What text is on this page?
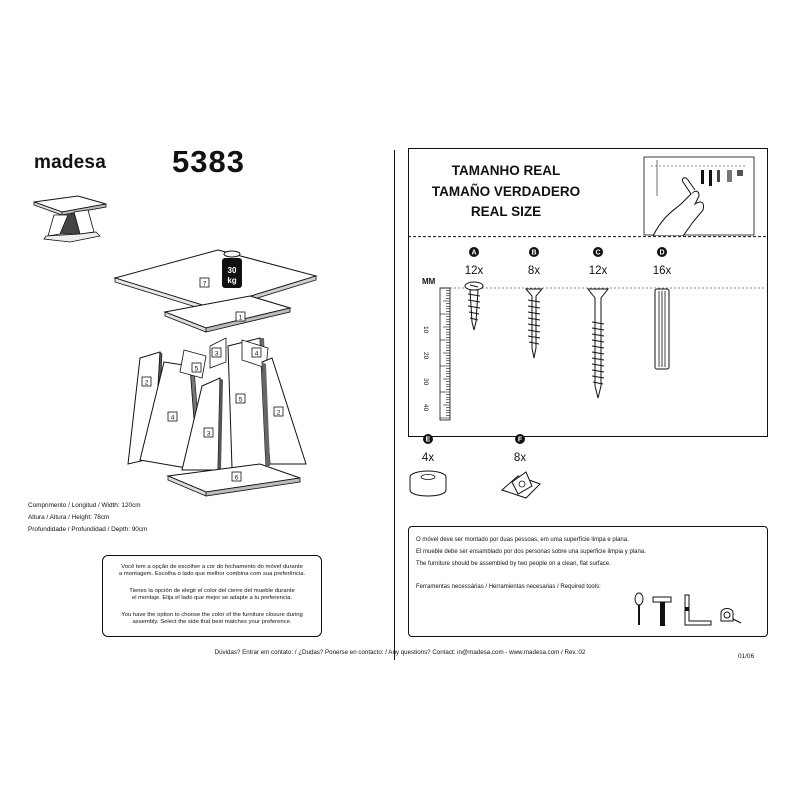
madesa 5383
30
kg
7
1
2
4
5
3
3
5
4
2
6
Comprimento / Longitud / Width: 120cm
Altura / Altura / Height: 78cm
Profundidade / Profundidad / Depth: 90cm

Você tem a opção de escolher a cor do fechamento do móvel durante

a montagem. Escolha o lado que melhor combina com sua preferência.

Tienes la opción de elegir el color del cierre del mueble durante

el montaje. Elija el lado que mejor se adapte a tu preferencia.

You have the option to choose the color of the furniture closure during

assembly. Select the side that best matches your preference.

TAMANHO REAL
TAMAÑO VERDADERO
REAL SIZE
MM
10
20
30
40
A
12x
B
8x
C
12x
D
16x
E
4x
F
8x
O móvel deve ser montado por duas pessoas, em uma superfície limpa e plana.
El mueble debe ser ensamblado por dos personas sobre una superficie limpia y plana.
The furniture should be assembled by two people on a clean, flat surface.
Ferramentas necessárias / Herramientas necesarias / Required tools:
Dúvidas? Entrar em contato: / ¿Dudas? Ponerse en contacto: / Any questions? Contact: in@madesa.com - www.madesa.com / Rev.:02
01/06
